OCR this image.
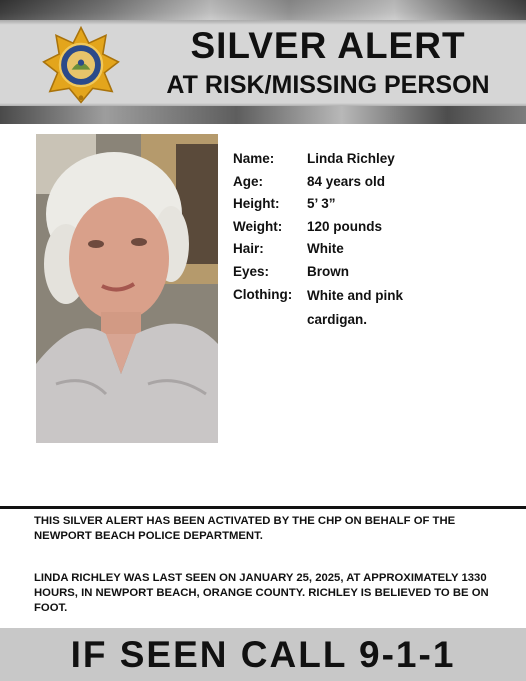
SILVER ALERT
AT RISK/MISSING PERSON
Name:	Linda Richley
Age:	84 years old
Height:	5’ 3”
Weight:	120 pounds
Hair:	White
Eyes:	Brown
Clothing:	White and pink cardigan.
THIS SILVER ALERT HAS BEEN ACTIVATED BY THE CHP ON BEHALF OF THE NEWPORT BEACH POLICE DEPARTMENT.
LINDA RICHLEY WAS LAST SEEN ON JANUARY 25, 2025, AT APPROXIMATELY 1330 HOURS, IN NEWPORT BEACH, ORANGE COUNTY. RICHLEY IS BELIEVED TO BE ON FOOT.
IF SEEN CALL 9-1-1
